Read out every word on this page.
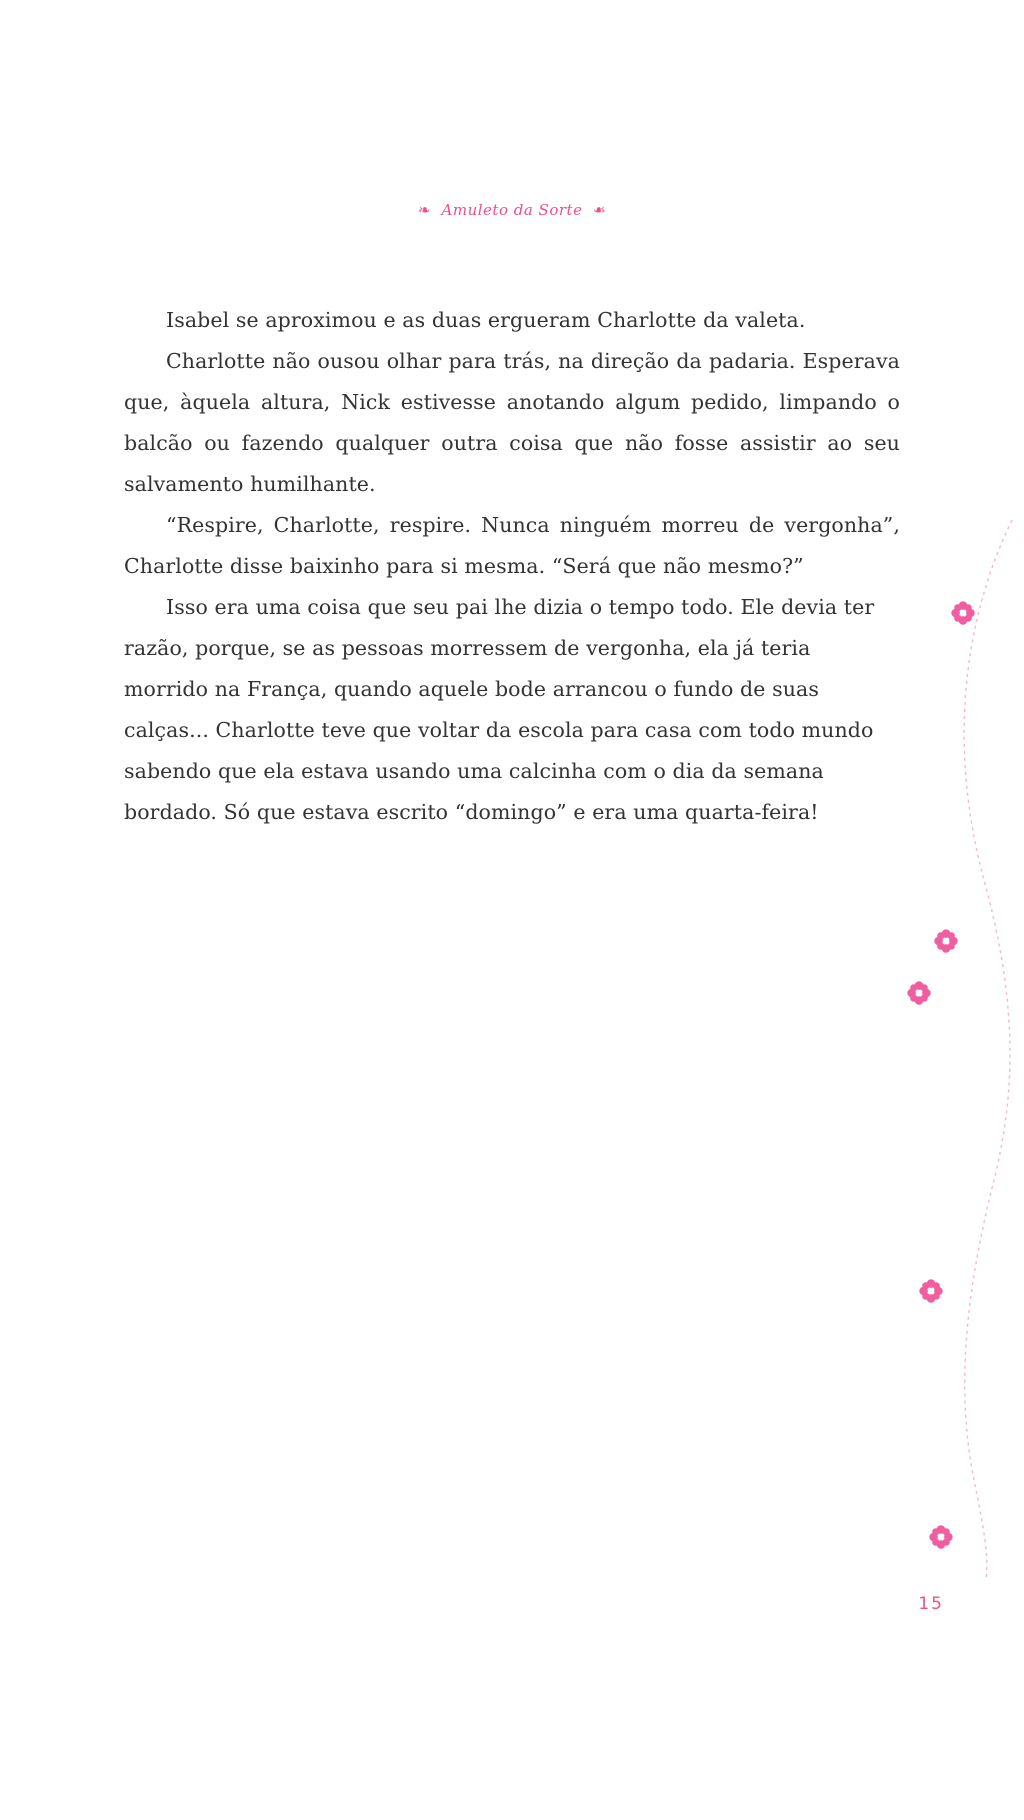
❧ Amuleto da Sorte ❧

Isabel se aproximou e as duas ergueram Charlotte da valeta.

Charlotte não ousou olhar para trás, na direção da padaria. Esperava que, àquela altura, Nick estivesse anotando algum pedido, limpando o balcão ou fazendo qualquer outra coisa que não fosse assistir ao seu salvamento humilhante.

“Respire, Charlotte, respire. Nunca ninguém morreu de vergonha”, Charlotte disse baixinho para si mesma. “Será que não mesmo?”

Isso era uma coisa que seu pai lhe dizia o tempo todo. Ele devia ter razão, porque, se as pessoas morressem de vergonha, ela já teria morrido na França, quando aquele bode arrancou o fundo de suas calças... Charlotte teve que voltar da escola para casa com todo mundo sabendo que ela estava usando uma calcinha com o dia da semana bordado. Só que estava escrito “domingo” e era uma quarta-feira!

15
